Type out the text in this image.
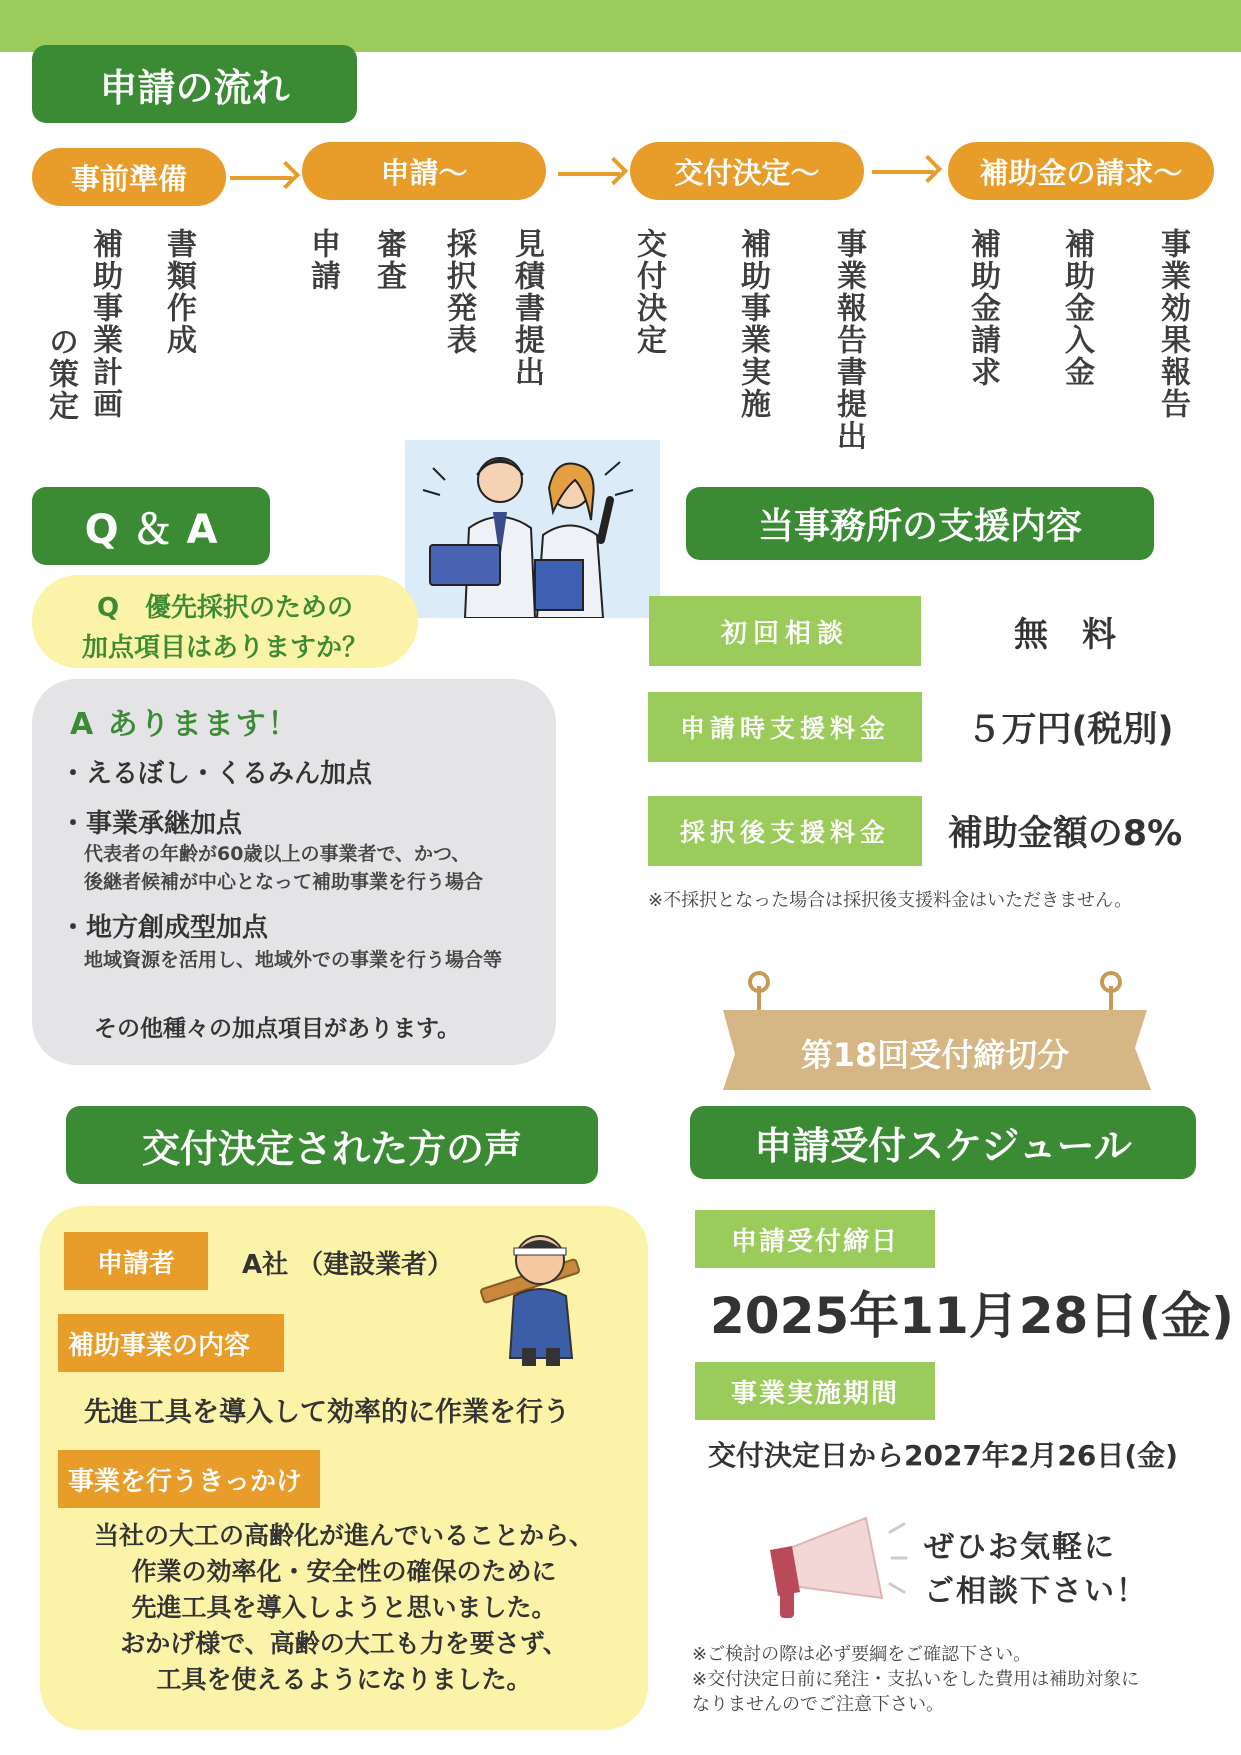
申請の流れ
事前準備	申請～	交付決定～	補助金の請求～
書類作成
補助事業計画
の策定	見積書提出
採択発表
審査
申請	事業報告書提出
補助事業実施
交付決定	事業効果報告
補助金入金
補助金請求
Q ＆ A
Q　優先採択のための
加点項目はありますか？
A ありまます！
・えるぼし・くるみん加点
・事業承継加点
代表者の年齢が60歳以上の事業者で、かつ、
後継者候補が中心となって補助事業を行う場合
・地方創成型加点
地域資源を活用し、地域外での事業を行う場合等
その他種々の加点項目があります。
当事務所の支援内容
初回相談	無　料
申請時支援料金	５万円(税別)
採択後支援料金	補助金額の8%
※不採択となった場合は採択後支援料金はいただきません。
第18回受付締切分
申請受付スケジュール
申請受付締日
2025年11月28日(金)
事業実施期間
交付決定日から2027年2月26日(金)
ぜひお気軽に
ご相談下さい！
※ご検討の際は必ず要綱をご確認下さい。
※交付決定日前に発注・支払いをした費用は補助対象に
なりませんのでご注意下さい。
交付決定された方の声
申請者	A社 （建設業者）
補助事業の内容
先進工具を導入して効率的に作業を行う
事業を行うきっかけ
当社の大工の高齢化が進んでいることから、
作業の効率化・安全性の確保のために
先進工具を導入しようと思いました。
おかげ様で、高齢の大工も力を要さず、
工具を使えるようになりました。
